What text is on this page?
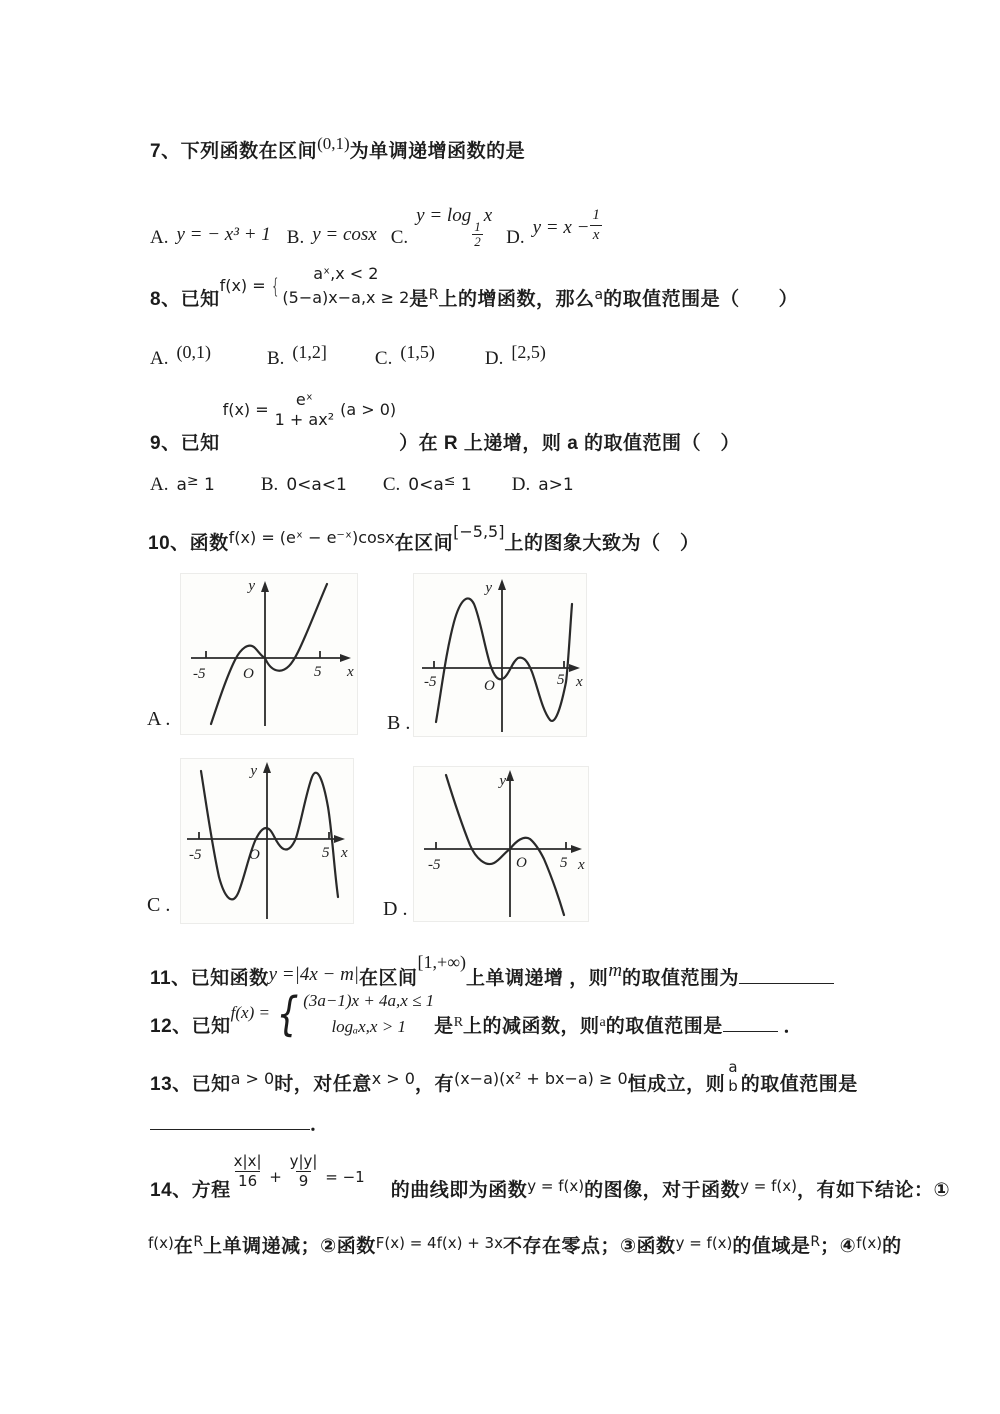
7、下列函数在区间(0,1)为单调递增函数的是
A. y = − x³ + 1 B. y = cosx C.y = log
$\frac{1}{2}$
xD. $y = x - \frac{1}{x}$
8、已知
f(x) = {
aˣ,x < 2
(5−a)x−a,x ≥ 2 是R上的增函数，那么a的取值范围是（　　）
A. (0,1)	B. (1,2]	C. (1,5)	D. [2,5)
9、已知
f(x) =
eˣ
1 + ax²
(a > 0)
）在 R 上递增，则 a 的取值范围（　）
A. a≥ 1 B. 0<a<1 C. 0<a≤ 1 D. a>1
10、函数f(x) = (eˣ − e⁻ˣ)cosx在区间[−5,5]上的图象大致为（　）
y
x
-5	5
O
A .
y
x
-5	5
O
B .
y
x
-5	5
O
C .
y
x
-5	5
O
D .
11、已知函数y =|4x − m|在区间[1,+∞)上单调递增 ，则m的取值范围为
12、已知
f(x) = { (3a−1)x + 4a,x ≤ 1
logₐx,x > 1 是R上的减函数，则a的取值范围是	．
13、已知a > 0时，对任意x > 0，有(x−a)(x² + bx−a) ≥ 0恒成立，则
a
b 的取值范围是
．
14、方程 $\frac{x|x|}{16} + \frac{y|y|}{9} = -1$的曲线即为函数y = f(x)的图像，对于函数y = f(x)，有如下结论：①
f(x)在R上单调递减；②函数F(x) = 4f(x) + 3x不存在零点；③函数y = f(x)的值域是R；④f(x)的
